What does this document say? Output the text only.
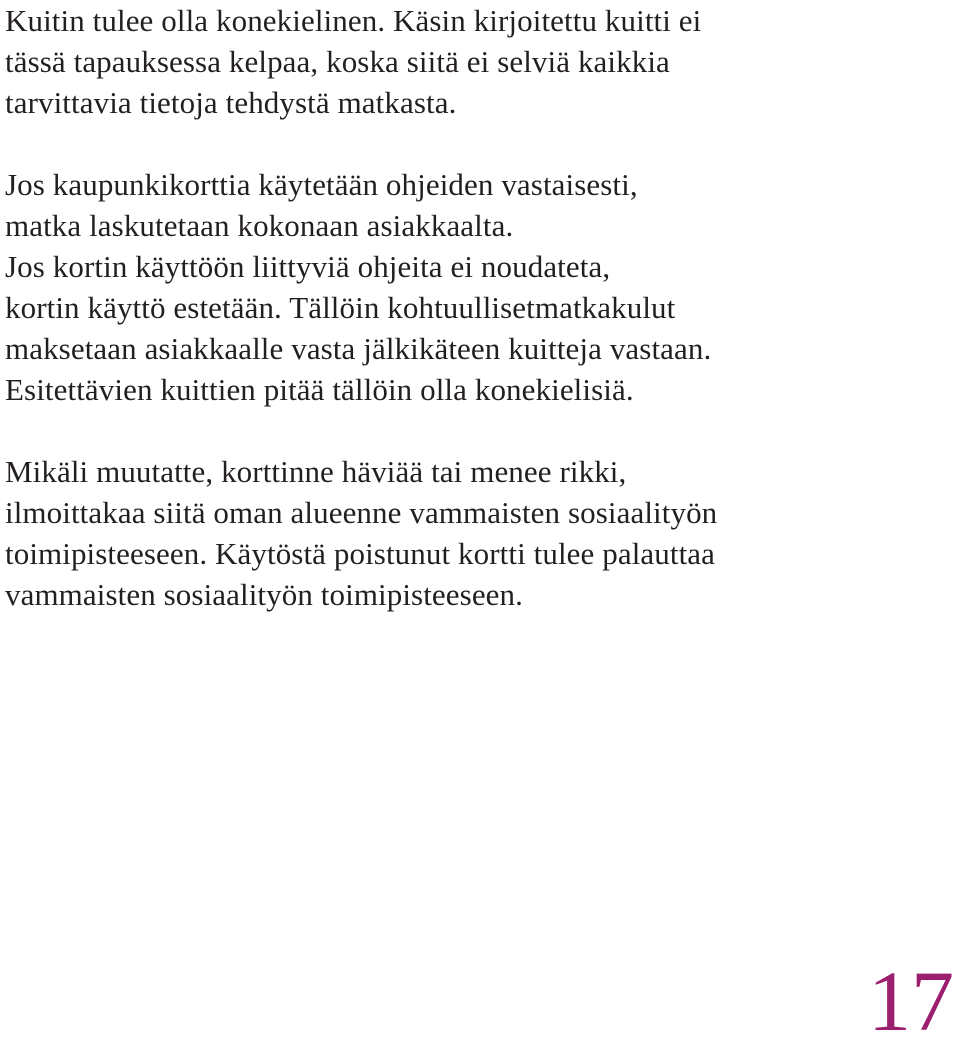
Kuitin tulee olla konekielinen. Käsin kirjoitettu kuitti ei
tässä tapauksessa kelpaa, koska siitä ei selviä kaikkia
tarvittavia tietoja tehdystä matkasta.
Jos kaupunkikorttia käytetään ohjeiden vastaisesti,
matka laskutetaan kokonaan asiakkaalta.
Jos kortin käyttöön liittyviä ohjeita ei noudateta,
kortin käyttö estetään. Tällöin kohtuullisetmatkakulut
maksetaan asiakkaalle vasta jälkikäteen kuitteja vastaan.
Esitettävien kuittien pitää tällöin olla konekielisiä.
Mikäli muutatte, korttinne häviää tai menee rikki,
ilmoittakaa siitä oman alueenne vammaisten sosiaalityön
toimipisteeseen. Käytöstä poistunut kortti tulee palauttaa
vammaisten sosiaalityön toimipisteeseen.
17
